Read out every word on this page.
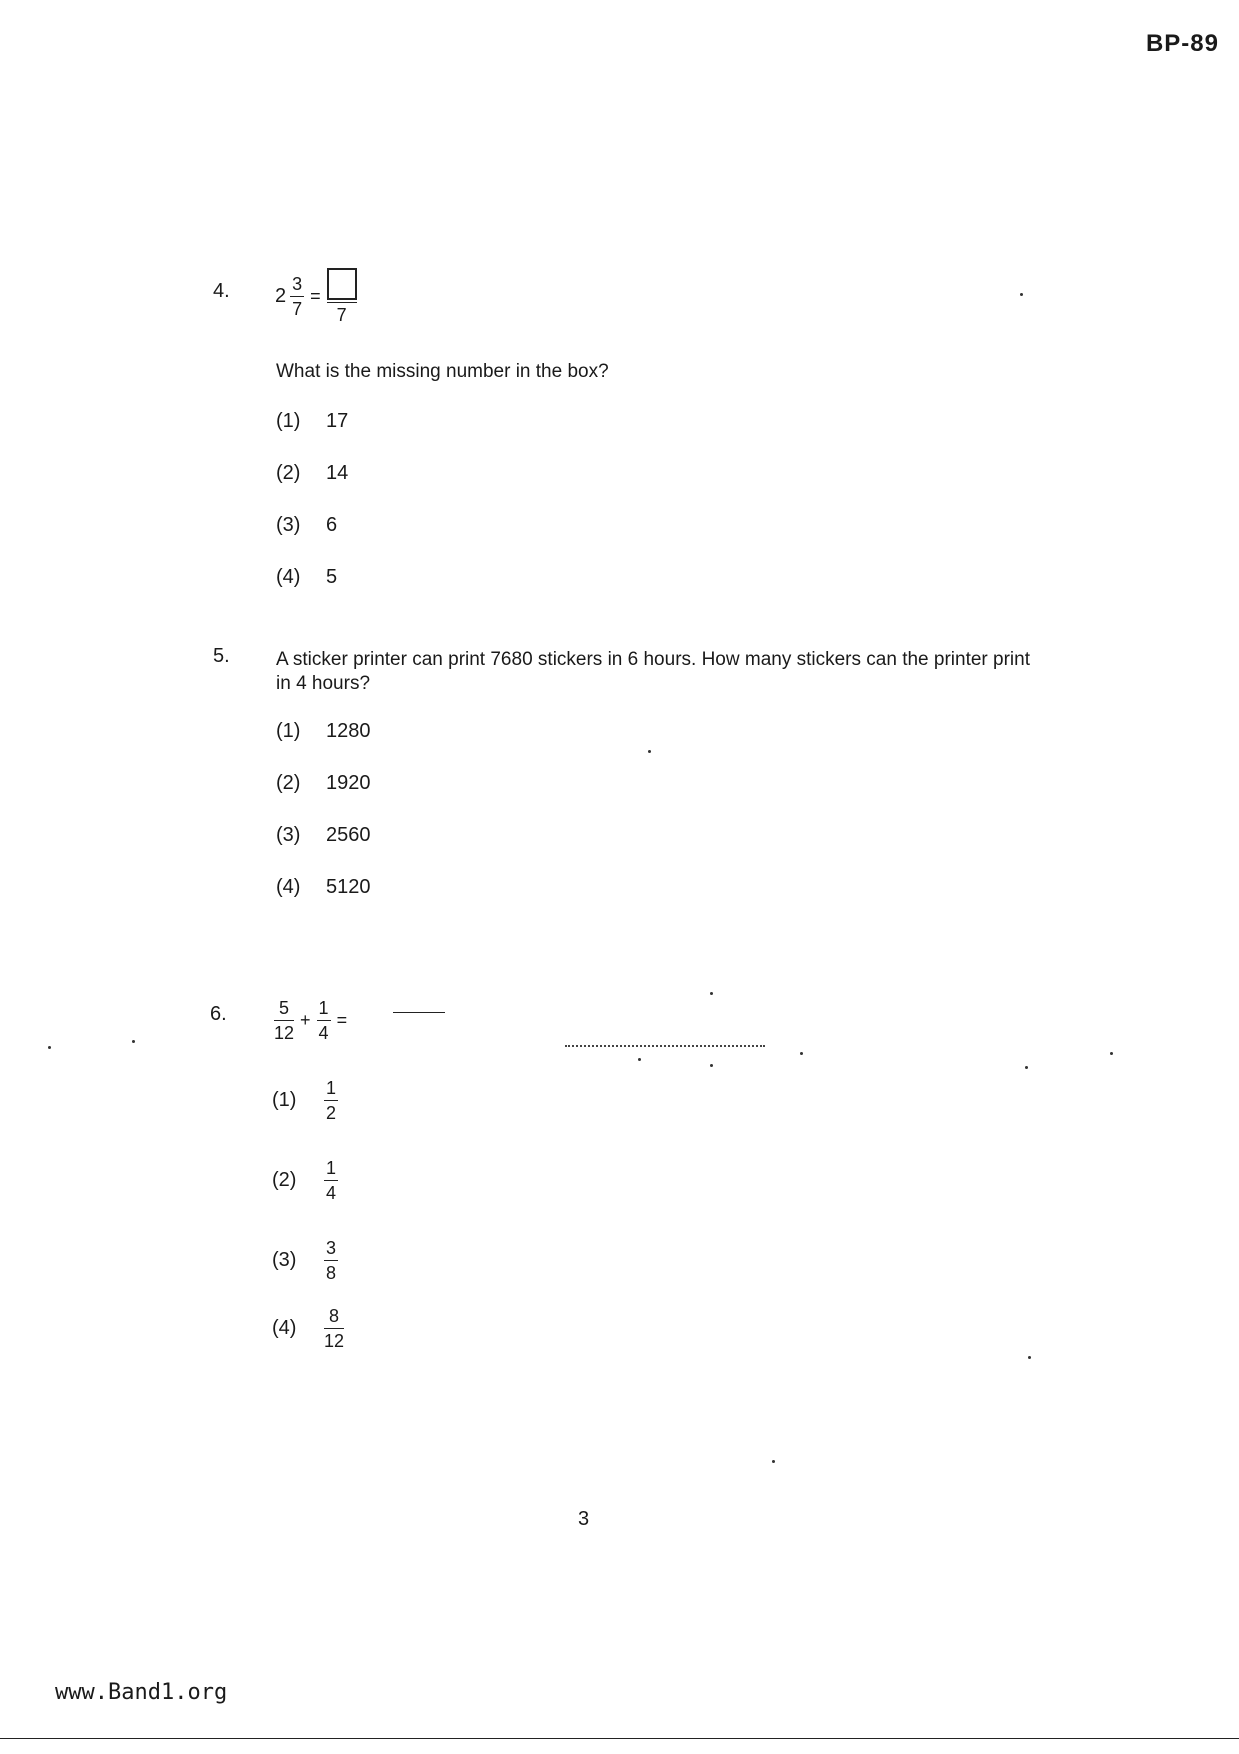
BP-89
4. $2 \frac{3}{7}$ =
7
What is the missing number in the box?
(1) 17
(2) 14
(3) 6
(4) 5
5. A sticker printer can print 7680 stickers in 6 hours. How many stickers can the printer print in 4 hours?
(1) 1280
(2) 1920
(3) 2560
(4) 5120
6.	$\frac{5}{12} + \frac{1}{4}$ =
(1)	$\frac{1}{2}$
(2)	$\frac{1}{4}$
(3)	$\frac{3}{8}$
(4)	$\frac{8}{12}$
3
www.Band1.org
